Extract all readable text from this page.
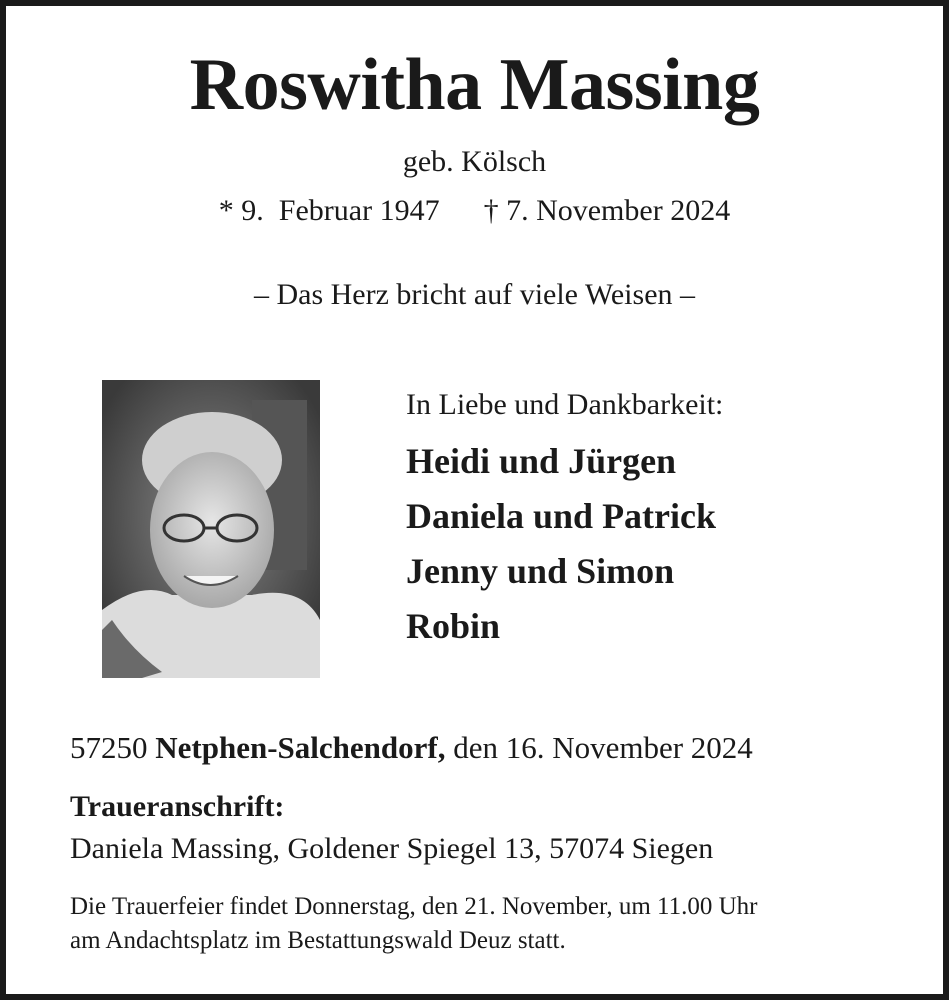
Roswitha Massing
geb. Kölsch
* 9.  Februar 1947 † 7. November 2024
– Das Herz bricht auf viele Weisen –
In Liebe und Dankbarkeit:
Heidi und Jürgen
Daniela und Patrick
Jenny und Simon
Robin
57250 Netphen-Salchendorf, den 16. November 2024
Traueranschrift:
Daniela Massing, Goldener Spiegel 13, 57074 Siegen
Die Trauerfeier findet Donnerstag, den 21. November, um 11.00 Uhr
am Andachtsplatz im Bestattungswald Deuz statt.
